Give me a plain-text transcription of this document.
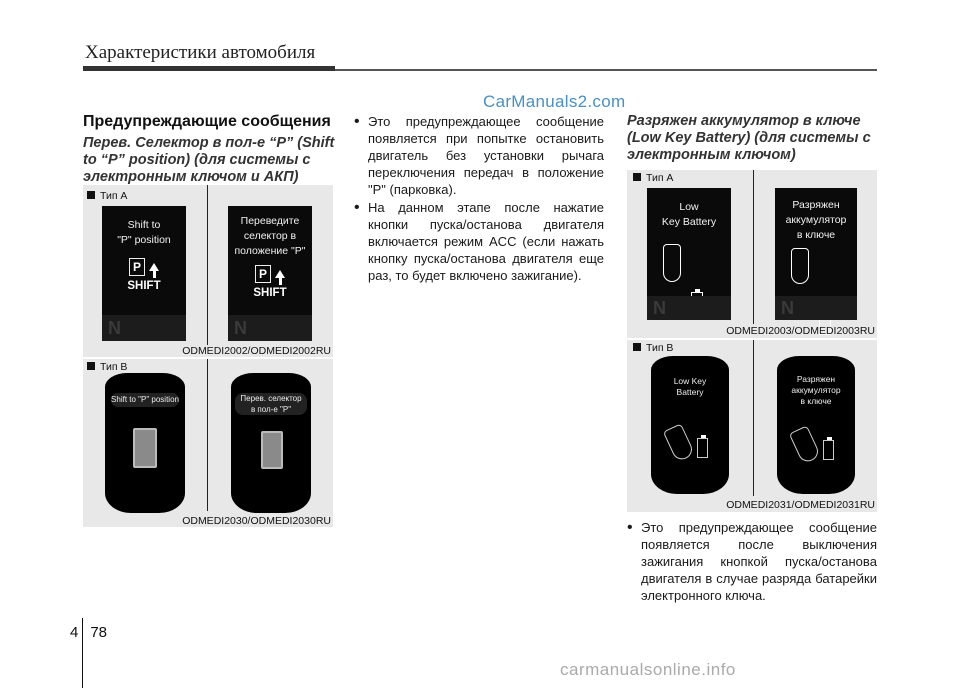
Характеристики автомобиля
CarManuals2.com
Предупреждающие сообщения
Перев. Селектор в пол-е “P” (Shift to “P” position) (для системы с электронным ключом и АКП)
Тип A
Shift to
"P" position
P
SHIFT
N
Переведите
селектор в
положение "P"
P
SHIFT
N
ODMEDI2002/ODMEDI2002RU
Тип B
Shift to "P" position	Перев. селектор
в пол-е "P"
ODMEDI2030/ODMEDI2030RU
• Это предупреждающее сообщение появляется при попытке остановить двигатель без установки рычага переключения передач в положение "P" (парковка).

• На данном этапе после нажатие кнопки пуска/остановa двигателя включается режим ACC (если нажать кнопку пуска/остановa двигателя еще раз, то будет включено зажигание).

Разряжен аккумулятор в ключе (Low Key Battery) (для системы с электронным ключом)
Тип A
Low
Key Battery
N
Разряжен
аккумулятор
в ключе
N
ODMEDI2003/ODMEDI2003RU
Тип B
Low Key
Battery
Разряжен
аккумулятор
в ключе
ODMEDI2031/ODMEDI2031RU
• Это предупреждающее сообщение появляется после выключения зажигания кнопкой пуска/остановa двигателя в случае разряда батарейки электронного ключа.

4 78
carmanualsonline.info
